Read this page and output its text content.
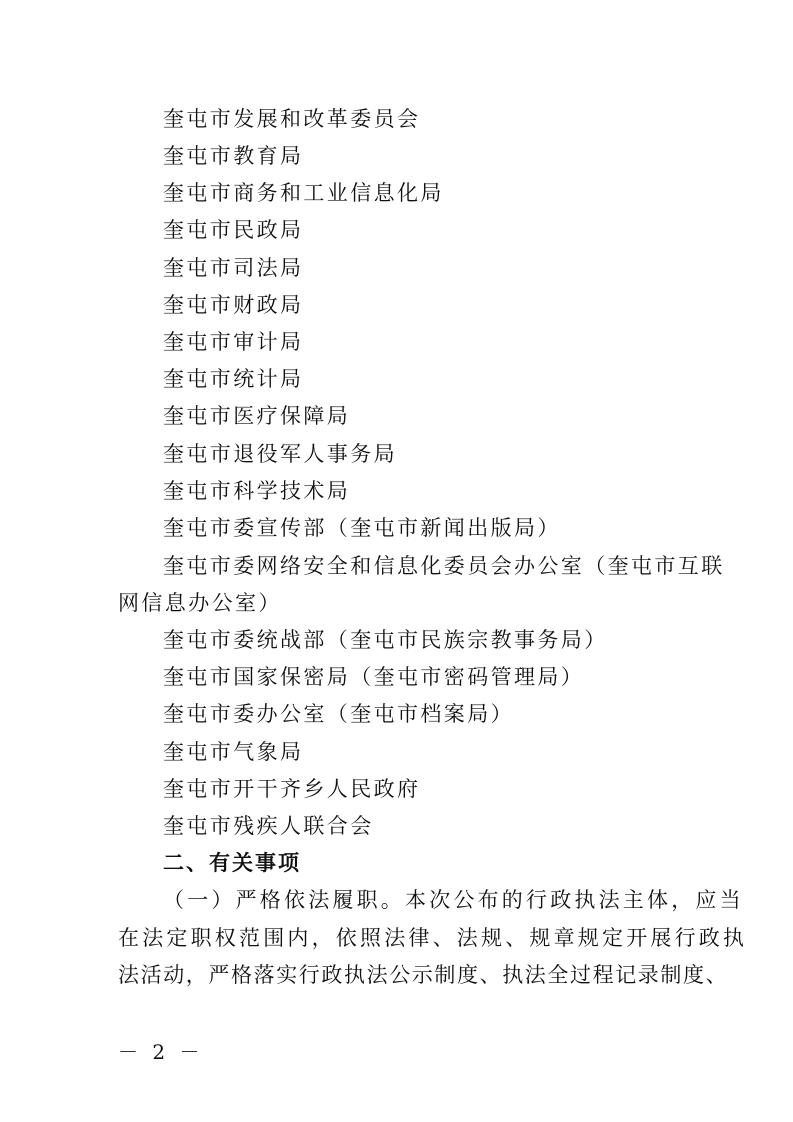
奎屯市发展和改革委员会
奎屯市教育局
奎屯市商务和工业信息化局
奎屯市民政局
奎屯市司法局
奎屯市财政局
奎屯市审计局
奎屯市统计局
奎屯市医疗保障局
奎屯市退役军人事务局
奎屯市科学技术局
奎屯市委宣传部（奎屯市新闻出版局）
奎屯市委网络安全和信息化委员会办公室（奎屯市互联
网信息办公室）
奎屯市委统战部（奎屯市民族宗教事务局）
奎屯市国家保密局（奎屯市密码管理局）
奎屯市委办公室（奎屯市档案局）
奎屯市气象局
奎屯市开干齐乡人民政府
奎屯市残疾人联合会
二、有关事项
（一）严格依法履职。本次公布的行政执法主体，应当
在法定职权范围内，依照法律、法规、规章规定开展行政执
法活动，严格落实行政执法公示制度、执法全过程记录制度、
－ 2 －
